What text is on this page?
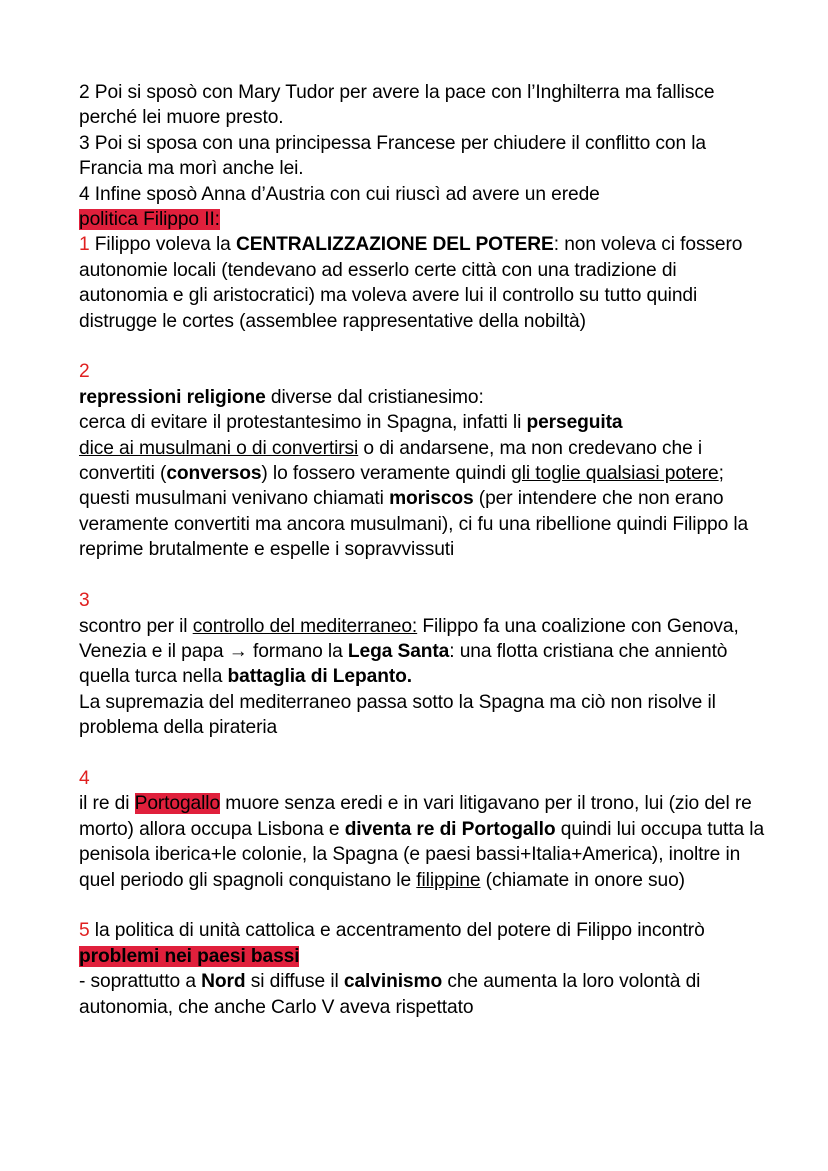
2 Poi si sposò con Mary Tudor per avere la pace con l’Inghilterra ma fallisce perché lei muore presto.

3 Poi si sposa con una principessa Francese per chiudere il conflitto con la Francia ma morì anche lei.

4 Infine sposò Anna d’Austria con cui riuscì ad avere un erede

politica Filippo II:

1 Filippo voleva la CENTRALIZZAZIONE DEL POTERE: non voleva ci fossero autonomie locali (tendevano ad esserlo certe città con una tradizione di autonomia e gli aristocratici) ma voleva avere lui il controllo su tutto quindi distrugge le cortes (assemblee rappresentative della nobiltà)

2

repressioni religione diverse dal cristianesimo:

cerca di evitare il protestantesimo in Spagna, infatti li perseguita
dice ai musulmani o di convertirsi o di andarsene, ma non credevano che i convertiti (conversos) lo fossero veramente quindi gli toglie qualsiasi potere; questi musulmani venivano chiamati moriscos (per intendere che non erano veramente convertiti ma ancora musulmani), ci fu una ribellione quindi Filippo la reprime brutalmente e espelle i sopravvissuti

3

scontro per il controllo del mediterraneo: Filippo fa una coalizione con Genova, Venezia e il papa → formano la Lega Santa: una flotta cristiana che annientò quella turca nella battaglia di Lepanto.

La supremazia del mediterraneo passa sotto la Spagna ma ciò non risolve il problema della pirateria

4

il re di Portogallo muore senza eredi e in vari litigavano per il trono, lui (zio del re morto) allora occupa Lisbona e diventa re di Portogallo quindi lui occupa tutta la penisola iberica+le colonie, la Spagna (e paesi bassi+Italia+America), inoltre in quel periodo gli spagnoli conquistano le filippine (chiamate in onore suo)

5 la politica di unità cattolica e accentramento del potere di Filippo incontrò problemi nei paesi bassi

- soprattutto a Nord si diffuse il calvinismo che aumenta la loro volontà di autonomia, che anche Carlo V aveva rispettato
